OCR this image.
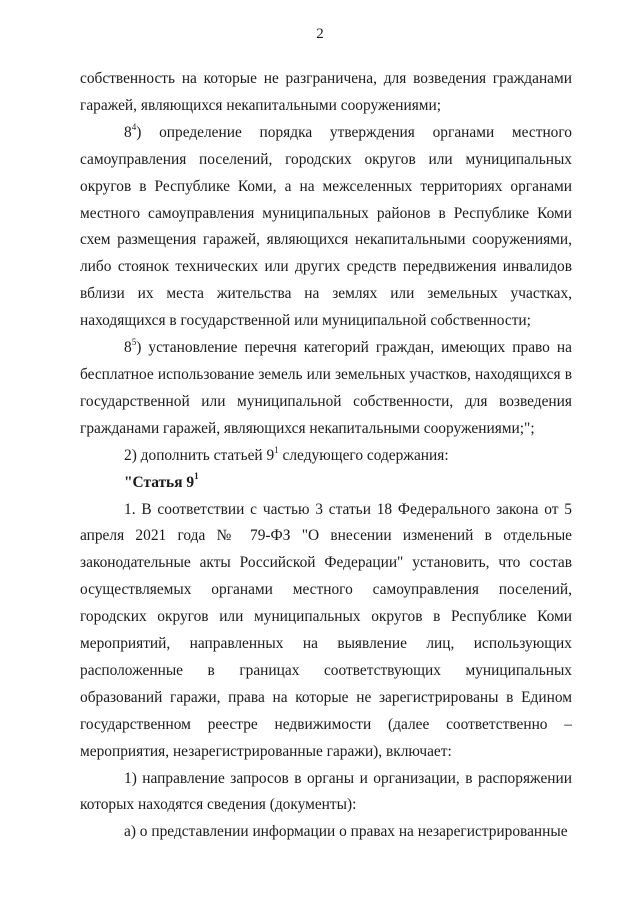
2

собственность на которые не разграничена, для возведения гражданами гаражей, являющихся некапитальными сооружениями;

$8^4$) определение порядка утверждения органами местного самоуправления поселений, городских округов или муниципальных округов в Республике Коми, а на межселенных территориях органами местного самоуправления муниципальных районов в Республике Коми схем размещения гаражей, являющихся некапитальными сооружениями, либо стоянок технических или других средств передвижения инвалидов вблизи их места жительства на землях или земельных участках, находящихся в государственной или муниципальной собственности;

$8^5$) установление перечня категорий граждан, имеющих право на бесплатное использование земель или земельных участков, находящихся в государственной или муниципальной собственности, для возведения гражданами гаражей, являющихся некапитальными сооружениями;";

2) дополнить статьей $9^1$ следующего содержания:

"Статья $9^1$

1. В соответствии с частью 3 статьи 18 Федерального закона от 5 апреля 2021 года № 79-ФЗ "О внесении изменений в отдельные законодательные акты Российской Федерации" установить, что состав осуществляемых органами местного самоуправления поселений, городских округов или муниципальных округов в Республике Коми мероприятий, направленных на выявление лиц, использующих расположенные в границах соответствующих муниципальных образований гаражи, права на которые не зарегистрированы в Едином государственном реестре недвижимости (далее соответственно – мероприятия, незарегистрированные гаражи), включает:

1) направление запросов в органы и организации, в распоряжении которых находятся сведения (документы):

а) о представлении информации о правах на незарегистрированные
